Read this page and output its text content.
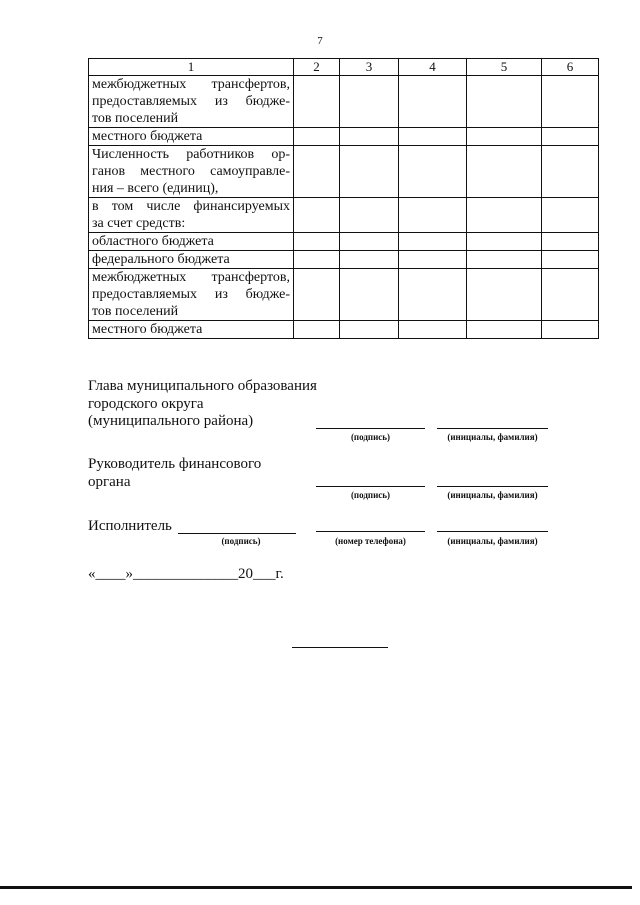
7
1	2	3	4	5	6

межбюджетных трансфертов,
предоставляемых из бюдже-
тов поселений					

местного бюджета					

Численность работников ор-
ганов местного самоуправле-
ния – всего (единиц),					

в том числе финансируемых
за счет средств:					

областного бюджета					

федерального бюджета					

межбюджетных трансфертов,
предоставляемых из бюдже-
тов поселений					

местного бюджета					

Глава муниципального образования
городского округа
(муниципального района)
(подпись)	(инициалы, фамилия)
Руководитель финансового
органа
(подпись)	(инициалы, фамилия)
Исполнитель
(подпись)	(номер телефона)	(инициалы, фамилия)
«____»______________20___г.
